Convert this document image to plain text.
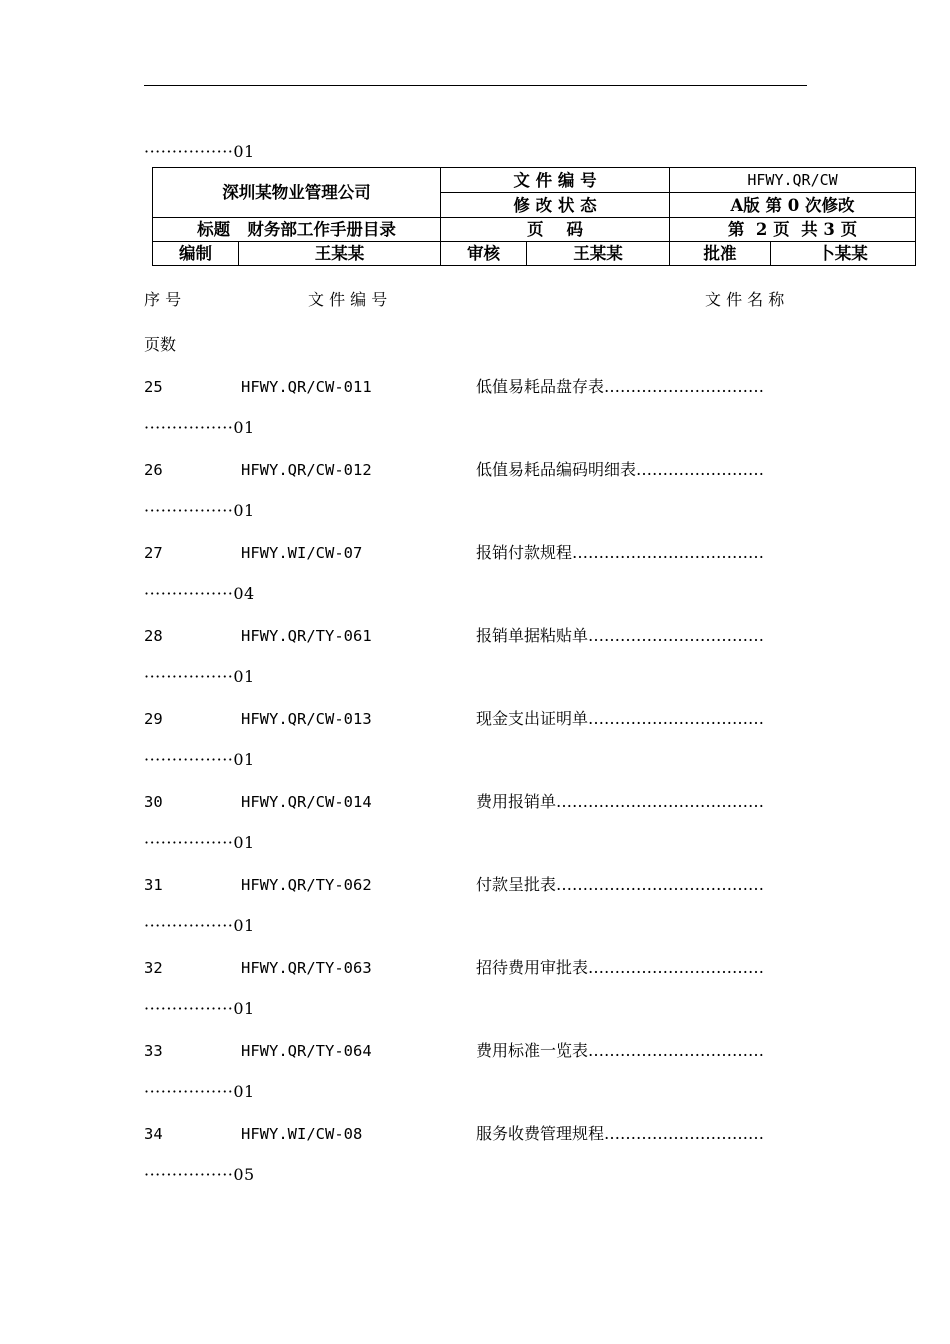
················01
深圳某物业管理公司		文 件 编 号		HFWY.QR/CW	
		修 改 状 态		A版 第 0 次修改	
标题   财务部工作手册目录		页    码		第  2 页  共 3 页	
编制	王某某	审核	王某某	批准	卜某某
序 号	文 件 编 号	文 件 名 称
页数
25	HFWY.QR/CW-011	低值易耗品盘存表…………………………
················01
26	HFWY.QR/CW-012	低值易耗品编码明细表……………………
················01
27	HFWY.WI/CW-07	报销付款规程………………………………
················04
28	HFWY.QR/TY-061	报销单据粘贴单……………………………
················01
29	HFWY.QR/CW-013	现金支出证明单……………………………
················01
30	HFWY.QR/CW-014	费用报销单…………………………………
················01
31	HFWY.QR/TY-062	付款呈批表…………………………………
················01
32	HFWY.QR/TY-063	招待费用审批表……………………………
················01
33	HFWY.QR/TY-064	费用标准一览表……………………………
················01
34	HFWY.WI/CW-08	服务收费管理规程…………………………
················05
